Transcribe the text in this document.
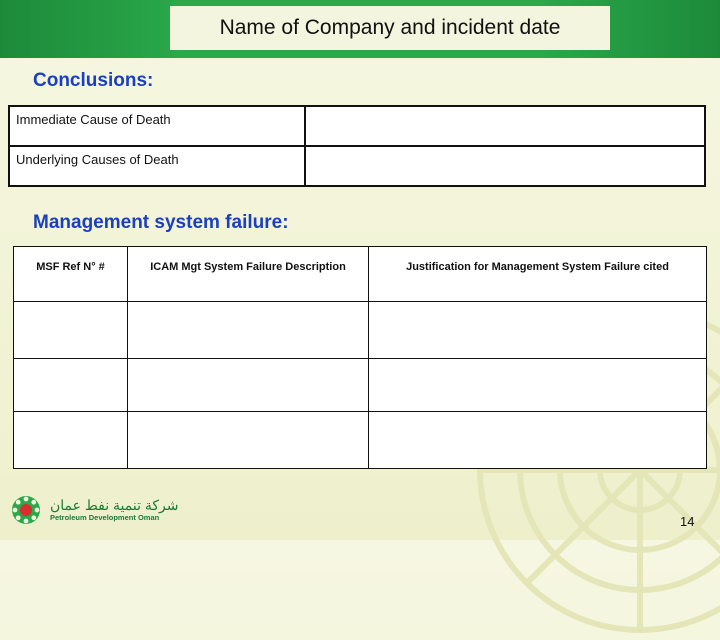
Name of Company and incident date
Conclusions:
Immediate Cause of Death	
Underlying Causes of Death	
Management system failure:
MSF Ref N° #	ICAM Mgt System Failure Description	Justification for Management System Failure cited

شركة تنمية نفط عمان
Petroleum Development Oman	14
